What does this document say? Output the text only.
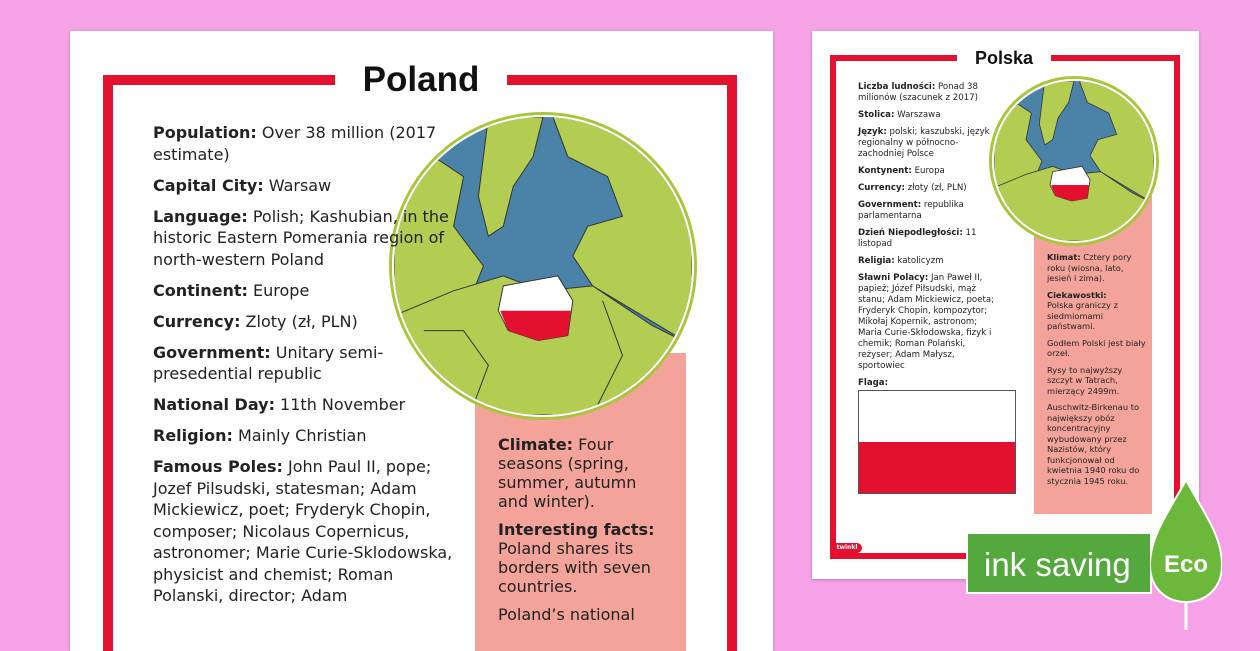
Poland

Population: Over 38 million (2017 estimate)

Capital City: Warsaw

Language: Polish; Kashubian, in the historic Eastern Pomerania region of north-western Poland

Continent: Europe

Currency: Zloty (zł, PLN)

Government: Unitary semi-presedential republic

National Day: 11th November

Religion: Mainly Christian

Famous Poles: John Paul II, pope; Jozef Pilsudski, statesman; Adam Mickiewicz, poet; Fryderyk Chopin, composer; Nicolaus Copernicus, astronomer; Marie Curie-Sklodowska, physicist and chemist; Roman Polanski, director; Adam

Climate: Four seasons (spring, summer, autumn and winter).

Interesting facts:
Poland shares its borders with seven countries.

Poland’s national

Polska

Liczba ludności: Ponad 38 milionów (szacunek z 2017)

Stolica: Warszawa

Język: polski; kaszubski, język regionalny w północno-zachodniej Polsce

Kontynent: Europa

Currency: złoty (zł, PLN)

Government: republika parlamentarna

Dzień Niepodległości: 11 listopad

Religia: katolicyzm

Sławni Polacy: Jan Paweł II, papież; Józef Piłsudski, mąż stanu; Adam Mickiewicz, poeta; Fryderyk Chopin, kompozytor; Mikołaj Kopernik, astronom; Maria Curie-Skłodowska, fizyk i chemik; Roman Polański, reżyser; Adam Małysz, sportowiec

Flaga:

Klimat: Cztery pory roku (wiosna, lato, jesień i zima).

Ciekawostki:
Polska graniczy z siedmiomami państwami.

Godłem Polski jest biały orzeł.

Rysy to najwyższy szczyt w Tatrach, mierzący 2499m.

Auschwitz-Birkenau to największy obóz koncentracyjny wybudowany przez Nazistów, który funkcjonował od kwietnia 1940 roku do stycznia 1945 roku.

twinkl	ink saving	Eco
